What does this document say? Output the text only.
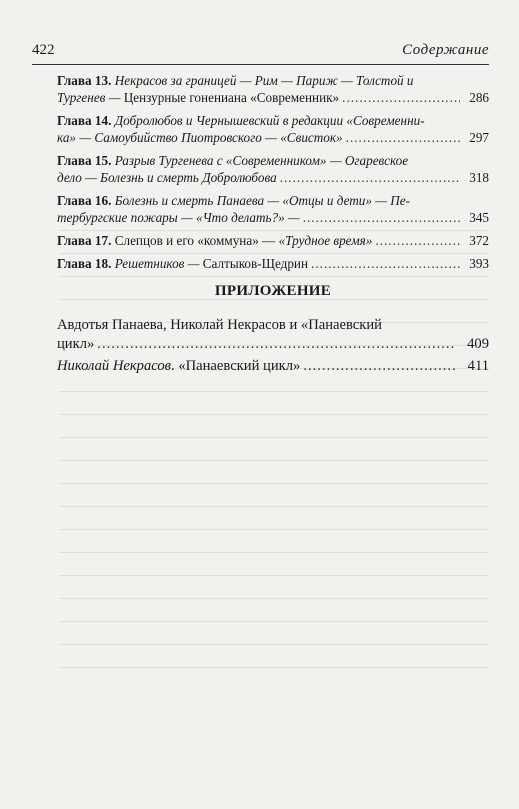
422	Содержание
Глава 13. Некрасов за границей — Рим — Париж — Толстой и
Тургенев — Цензурные гонениана «Современник» .....	286
Глава 14. Добролюбов и Чернышевский в редакции «Современни-
ка» — Самоубийство Пиотровского — «Свисток» .....	297
Глава 15. Разрыв Тургенева с «Современником» — Огаревское
дело — Болезнь и смерть Добролюбова .....	318
Глава 16. Болезнь и смерть Панаева — «Отцы и дети» — Пе-
тербургские пожары — «Что делать?» — .....	345
Глава 17. Слепцов и его «коммуна» — «Трудное время» .....	372
Глава 18. Решетников — Салтыков-Щедрин .....	393
ПРИЛОЖЕНИЕ
Авдотья Панаева, Николай Некрасов и «Панаевский
цикл» .....	409
Николай Некрасов. «Панаевский цикл» .....	411
